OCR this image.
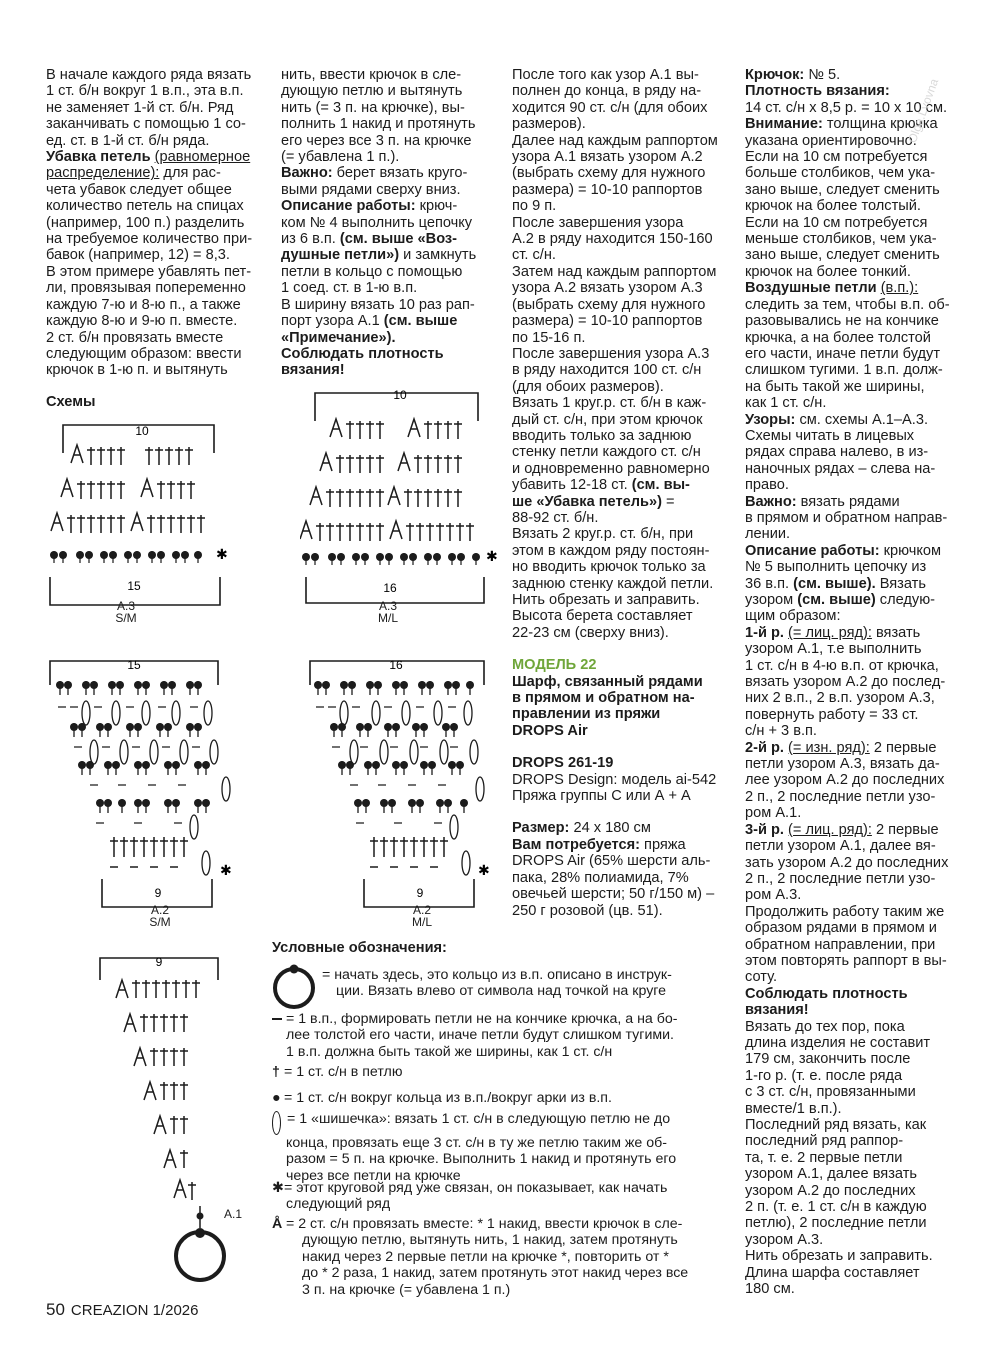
В начале каждого ряда вязать

1 ст. б/н вокруг 1 в.п., эта в.п.

не заменяет 1-й ст. б/н. Ряд

заканчивать с помощью 1 со-

ед. ст. в 1-й ст. б/н ряда.

Убавка петель (равномерное

распределение): для рас-

чета убавок следует общее

количество петель на спицах

(например, 100 п.) разделить

на требуемое количество при-

бавок (например, 12) = 8,3.

В этом примере убавлять пет-

ли, провязывая попеременно

каждую 7-ю и 8-ю п., а также

каждую 8-ю и 9-ю п. вместе.

2 ст. б/н провязать вместе

следующим образом: ввести

крючок в 1-ю п. и вытянуть

нить, ввести крючок в сле-

дующую петлю и вытянуть

нить (= 3 п. на крючке), вы-

полнить 1 накид и протянуть

его через все 3 п. на крючке

(= убавлена 1 п.).

Важно: берет вязать круго-

выми рядами сверху вниз.

Описание работы: крюч-

ком № 4 выполнить цепочку

из 6 в.п. (см. выше «Воз-

душные петли») и замкнуть

петли в кольцо с помощью

1 соед. ст. в 1-ю в.п.

В ширину вязать 10 раз рап-

порт узора А.1 (см. выше

«Примечание»).

Соблюдать плотность

вязания!

После того как узор А.1 вы-

полнен до конца, в ряду на-

ходится 90 ст. с/н (для обоих

размеров).

Далее над каждым раппортом

узора А.1 вязать узором А.2

(выбрать схему для нужного

размера) = 10-10 раппортов

по 9 п.

После завершения узора

А.2 в ряду находится 150-160

ст. с/н.

Затем над каждым раппортом

узора А.2 вязать узором А.3

(выбрать схему для нужного

размера) = 10-10 раппортов

по 15-16 п.

После завершения узора А.3

в ряду находится 100 ст. с/н

(для обоих размеров).

Вязать 1 круг.р. ст. б/н в каж-

дый ст. с/н, при этом крючок

вводить только за заднюю

стенку петли каждого ст. с/н

и одновременно равномерно

убавить 12-18 ст. (см. вы-

ше «Убавка петель») =

88-92 ст. б/н.

Вязать 2 круг.р. ст. б/н, при

этом в каждом ряду постоян-

но вводить крючок только за

заднюю стенку каждой петли.

Нить обрезать и заправить.

Высота берета составляет

22-23 см (сверху вниз).

МОДЕЛЬ 22

Шарф, связанный рядами

в прямом и обратном на-

правлении из пряжи

DROPS Air

DROPS 261-19

DROPS Design: модель ai-542

Пряжа группы С или А + А

Размер: 24 х 180 см

Вам потребуется: пряжа

DROPS Air (65% шерсти аль-

пака, 28% полиамида, 7%

овечьей шерсти; 50 г/150 м) –

250 г розовой (цв. 51).

Крючок: № 5.

Плотность вязания:

14 ст. с/н х 8,5 р. = 10 х 10 см.

Внимание: толщина крючка

указана ориентировочно.

Если на 10 см потребуется

больше столбиков, чем ука-

зано выше, следует сменить

крючок на более толстый.

Если на 10 см потребуется

меньше столбиков, чем ука-

зано выше, следует сменить

крючок на более тонкий.

Воздушные петли (в.п.):

следить за тем, чтобы в.п. об-

разовывались не на кончике

крючка, а на более толстой

его части, иначе петли будут

слишком тугими. 1 в.п. долж-

на быть такой же ширины,

как 1 ст. с/н.

Узоры: см. схемы А.1–А.3.

Схемы читать в лицевых

рядах справа налево, в из-

наночных рядах – слева на-

право.

Важно: вязать рядами

в прямом и обратном направ-

лении.

Описание работы: крючком

№ 5 выполнить цепочку из

36 в.п. (см. выше). Вязать

узором (см. выше) следую-

щим образом:

1-й р. (= лиц. ряд): вязать

узором А.1, т.е выполнить

1 ст. с/н в 4-ю в.п. от крючка,

вязать узором А.2 до послед-

них 2 в.п., 2 в.п. узором А.3,

повернуть работу = 33 ст.

с/н + 3 в.п.

2-й р. (= изн. ряд): 2 первые

петли узором А.3, вязать да-

лее узором А.2 до последних

2 п., 2 последние петли узо-

ром А.1.

3-й р. (= лиц. ряд): 2 первые

петли узором А.1, далее вя-

зать узором А.2 до последних

2 п., 2 последние петли узо-

ром А.3.

Продолжить работу таким же

образом рядами в прямом и

обратном направлении, при

этом повторять раппорт в вы-

соту.

Соблюдать плотность

вязания!

Вязать до тех пор, пока

длина изделия не составит

179 см, закончить после

1-го р. (т. е. после ряда

с 3 ст. с/н, провязанными

вместе/1 в.п.).

Последний ряд вязать, как

последний ряд раппор-

та, т. е. 2 первые петли

узором А.1, далее вязать

узором А.2 до последних

2 п. (т. е. 1 ст. с/н в каждую

петлю), 2 последние петли

узором А.3.

Нить обрезать и заправить.

Длина шарфа составляет

180 см.

Olga.Lvovna
Схемы
10
✱
15
А.3
S/M
10
✱
16
А.3
M/L
15
✱
9
А.2
S/M
16
✱
9
А.2
M/L
9
А.1
Условные обозначения:
= начать здесь, это кольцо из в.п. описано в инструк-
ции. Вязать влево от символа над точкой на круге
= 1 в.п., формировать петли не на кончике крючка, а на бо-
лее толстой его части, иначе петли будут слишком тугими.
1 в.п. должна быть такой же ширины, как 1 ст. с/н
† = 1 ст. с/н в петлю
● = 1 ст. с/н вокруг кольца из в.п./вокруг арки из в.п.
= 1 «шишечка»: вязать 1 ст. с/н в следующую петлю не до
конца, провязать еще 3 ст. с/н в ту же петлю таким же об-
разом = 5 п. на крючке. Выполнить 1 накид и протянуть его
через все петли на крючке
✱= этот круговой ряд уже связан, он показывает, как начать
следующий ряд
Å = 2 ст. с/н провязать вместе: * 1 накид, ввести крючок в сле-
дующую петлю, вытянуть нить, 1 накид, затем протянуть
накид через 2 первые петли на крючке *, повторить от *
до * 2 раза, 1 накид, затем протянуть этот накид через все
3 п. на крючке (= убавлена 1 п.)
50 CREAZION 1/2026
